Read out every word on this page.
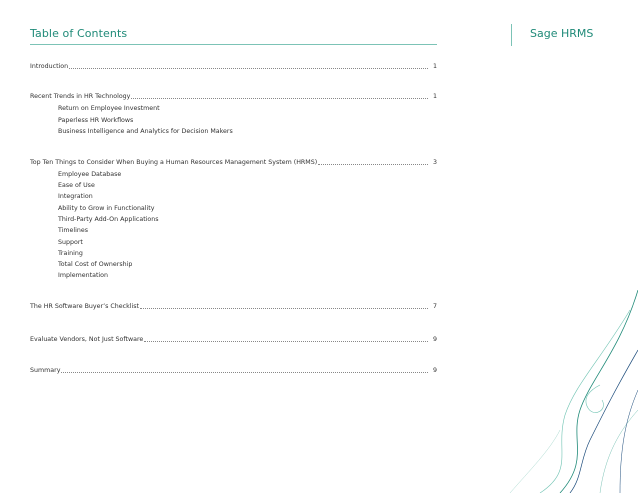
Table of Contents	Sage HRMS
Introduction	1
Recent Trends in HR Technology	1
Return on Employee Investment
Paperless HR Workflows
Business Intelligence and Analytics for Decision Makers
Top Ten Things to Consider When Buying a Human Resources Management System (HRMS)	3
Employee Database
Ease of Use
Integration
Ability to Grow in Functionality
Third-Party Add-On Applications
Timelines
Support
Training
Total Cost of Ownership
Implementation
The HR Software Buyer’s Checklist	7
Evaluate Vendors, Not Just Software	9
Summary	9
